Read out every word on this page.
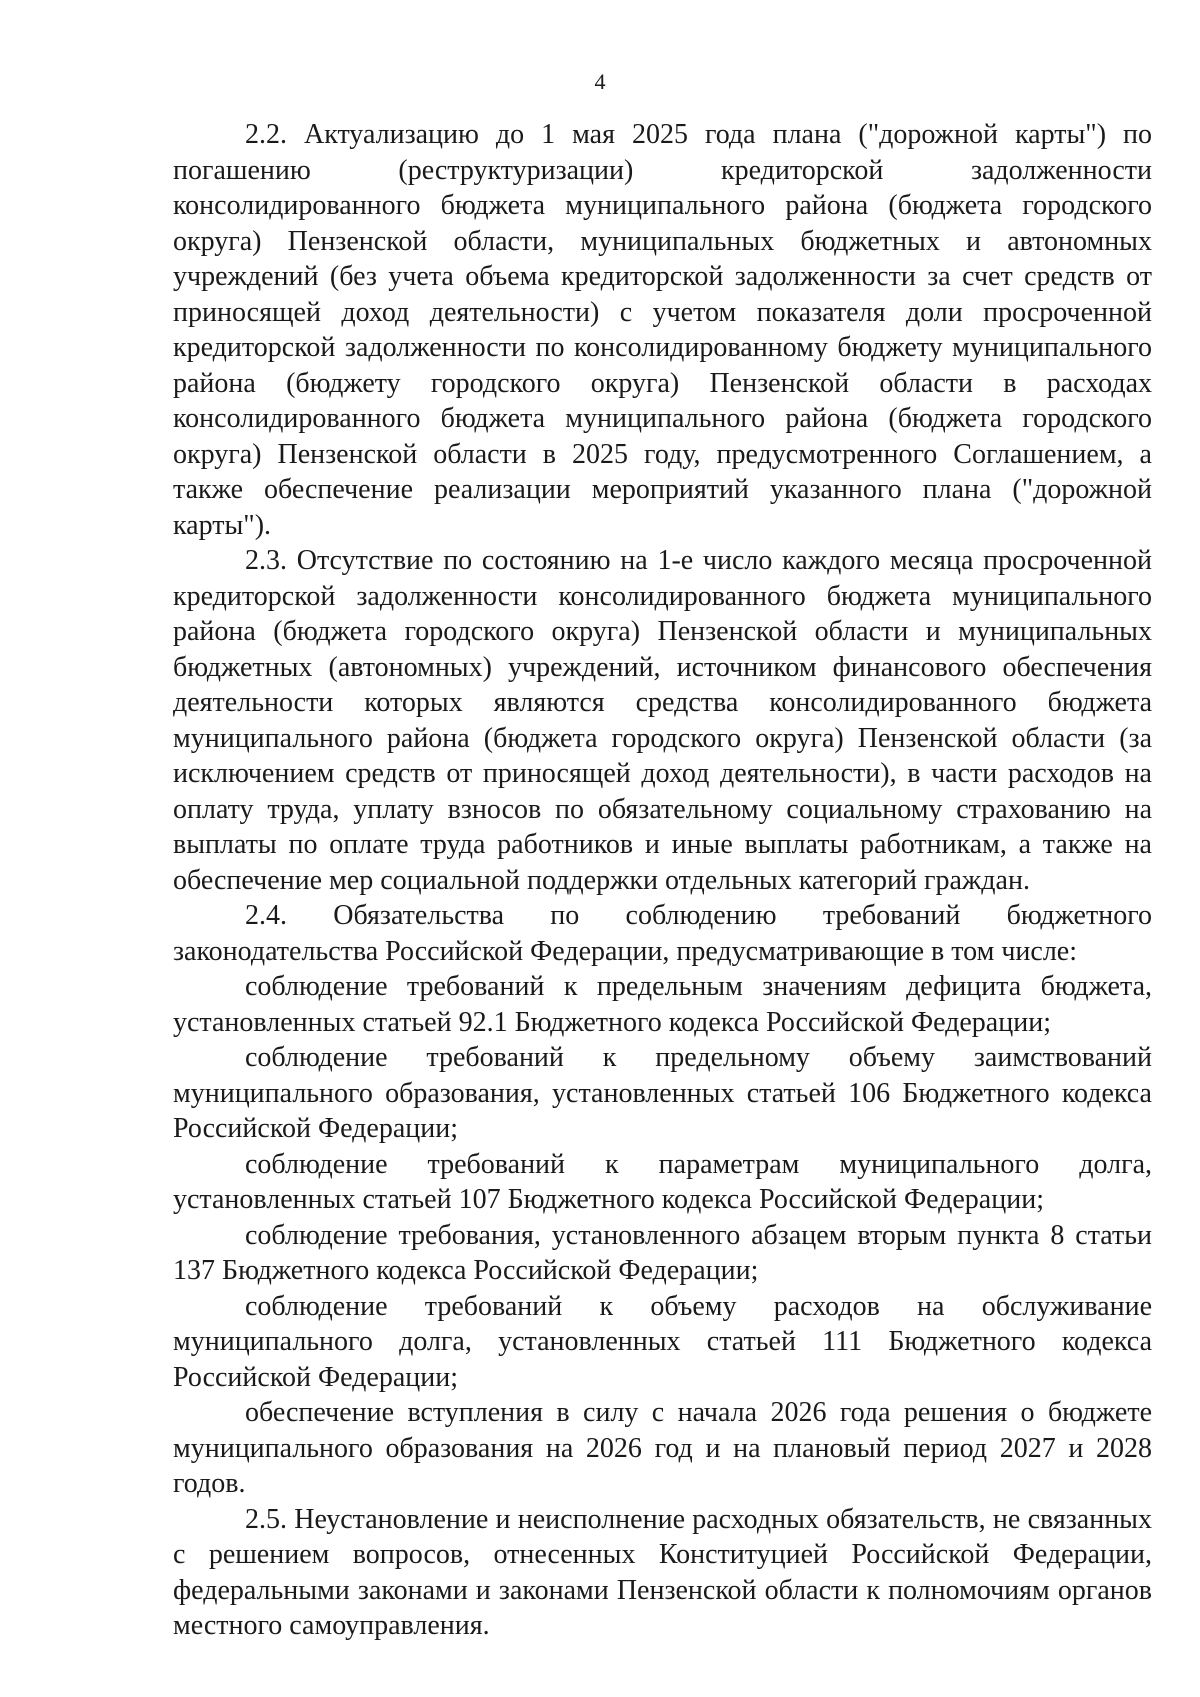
4

2.2. Актуализацию до 1 мая 2025 года плана ("дорожной карты") по погашению (реструктуризации) кредиторской задолженности консолидированного бюджета муниципального района (бюджета городского округа) Пензенской области, муниципальных бюджетных и автономных учреждений (без учета объема кредиторской задолженности за счет средств от приносящей доход деятельности) с учетом показателя доли просроченной кредиторской задолженности по консолидированному бюджету муниципального района (бюджету городского округа) Пензенской области в расходах консолидированного бюджета муниципального района (бюджета городского округа) Пензенской области в 2025 году, предусмотренного Соглашением, а также обеспечение реализации мероприятий указанного плана ("дорожной карты").

2.3. Отсутствие по состоянию на 1-е число каждого месяца просроченной кредиторской задолженности консолидированного бюджета муниципального района (бюджета городского округа) Пензенской области и муниципальных бюджетных (автономных) учреждений, источником финансового обеспечения деятельности которых являются средства консолидированного бюджета муниципального района (бюджета городского округа) Пензенской области (за исключением средств от приносящей доход деятельности), в части расходов на оплату труда, уплату взносов по обязательному социальному страхованию на выплаты по оплате труда работников и иные выплаты работникам, а также на обеспечение мер социальной поддержки отдельных категорий граждан.

2.4. Обязательства по соблюдению требований бюджетного законодательства Российской Федерации, предусматривающие в том числе:

соблюдение требований к предельным значениям дефицита бюджета, установленных статьей 92.1 Бюджетного кодекса Российской Федерации;

соблюдение требований к предельному объему заимствований муниципального образования, установленных статьей 106 Бюджетного кодекса Российской Федерации;

соблюдение требований к параметрам муниципального долга, установленных статьей 107 Бюджетного кодекса Российской Федерации;

соблюдение требования, установленного абзацем вторым пункта 8 статьи 137 Бюджетного кодекса Российской Федерации;

соблюдение требований к объему расходов на обслуживание муниципального долга, установленных статьей 111 Бюджетного кодекса Российской Федерации;

обеспечение вступления в силу с начала 2026 года решения о бюджете муниципального образования на 2026 год и на плановый период 2027 и 2028 годов.

2.5. Неустановление и неисполнение расходных обязательств, не связанных с решением вопросов, отнесенных Конституцией Российской Федерации, федеральными законами и законами Пензенской области к полномочиям органов местного самоуправления.
